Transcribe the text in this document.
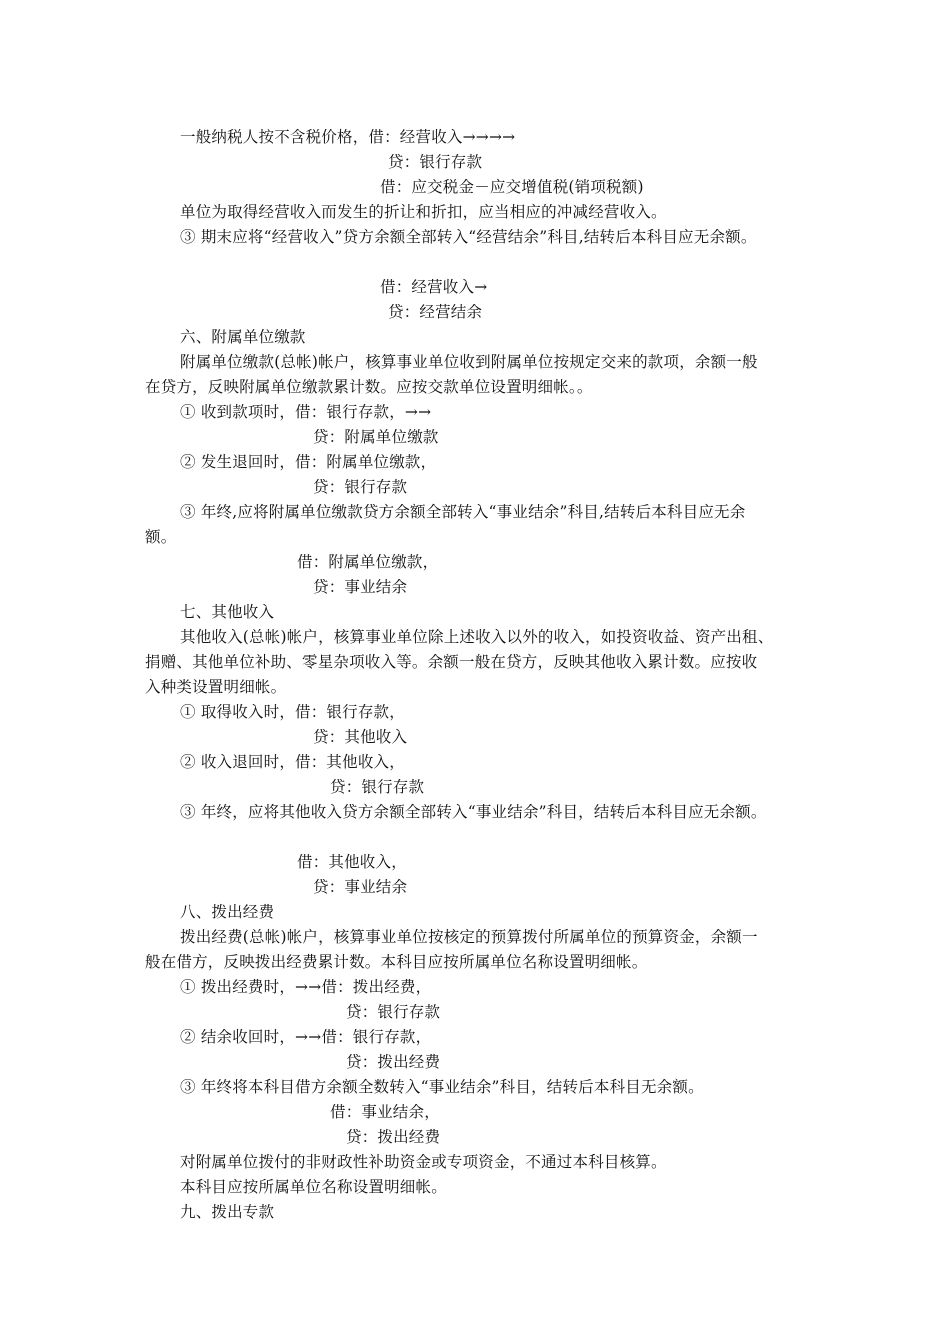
一般纳税人按不含税价格，借：经营收入→→→→
贷：银行存款
借：应交税金－应交增值税(销项税额)
单位为取得经营收入而发生的折让和折扣，应当相应的冲减经营收入。
③ 期末应将“经营收入”贷方余额全部转入“经营结余”科目,结转后本科目应无余额。
借：经营收入→
贷：经营结余
六、附属单位缴款
附属单位缴款(总帐)帐户，核算事业单位收到附属单位按规定交来的款项，余额一般
在贷方，反映附属单位缴款累计数。应按交款单位设置明细帐。。
① 收到款项时，借：银行存款，→→
贷：附属单位缴款
② 发生退回时，借：附属单位缴款，
贷：银行存款
③ 年终,应将附属单位缴款贷方余额全部转入“事业结余”科目,结转后本科目应无余
额。
借：附属单位缴款，
贷：事业结余
七、其他收入
其他收入(总帐)帐户，核算事业单位除上述收入以外的收入，如投资收益、资产出租、
捐赠、其他单位补助、零星杂项收入等。余额一般在贷方，反映其他收入累计数。应按收
入种类设置明细帐。
① 取得收入时，借：银行存款，
贷：其他收入
② 收入退回时，借：其他收入，
贷：银行存款
③ 年终，应将其他收入贷方余额全部转入“事业结余”科目，结转后本科目应无余额。
借：其他收入，
贷：事业结余
八、拨出经费
拨出经费(总帐)帐户，核算事业单位按核定的预算拨付所属单位的预算资金，余额一
般在借方，反映拨出经费累计数。本科目应按所属单位名称设置明细帐。
① 拨出经费时，→→借：拨出经费，
贷：银行存款
② 结余收回时，→→借：银行存款，
贷：拨出经费
③ 年终将本科目借方余额全数转入“事业结余”科目，结转后本科目无余额。
借：事业结余，
贷：拨出经费
对附属单位拨付的非财政性补助资金或专项资金，不通过本科目核算。
本科目应按所属单位名称设置明细帐。
九、拨出专款
